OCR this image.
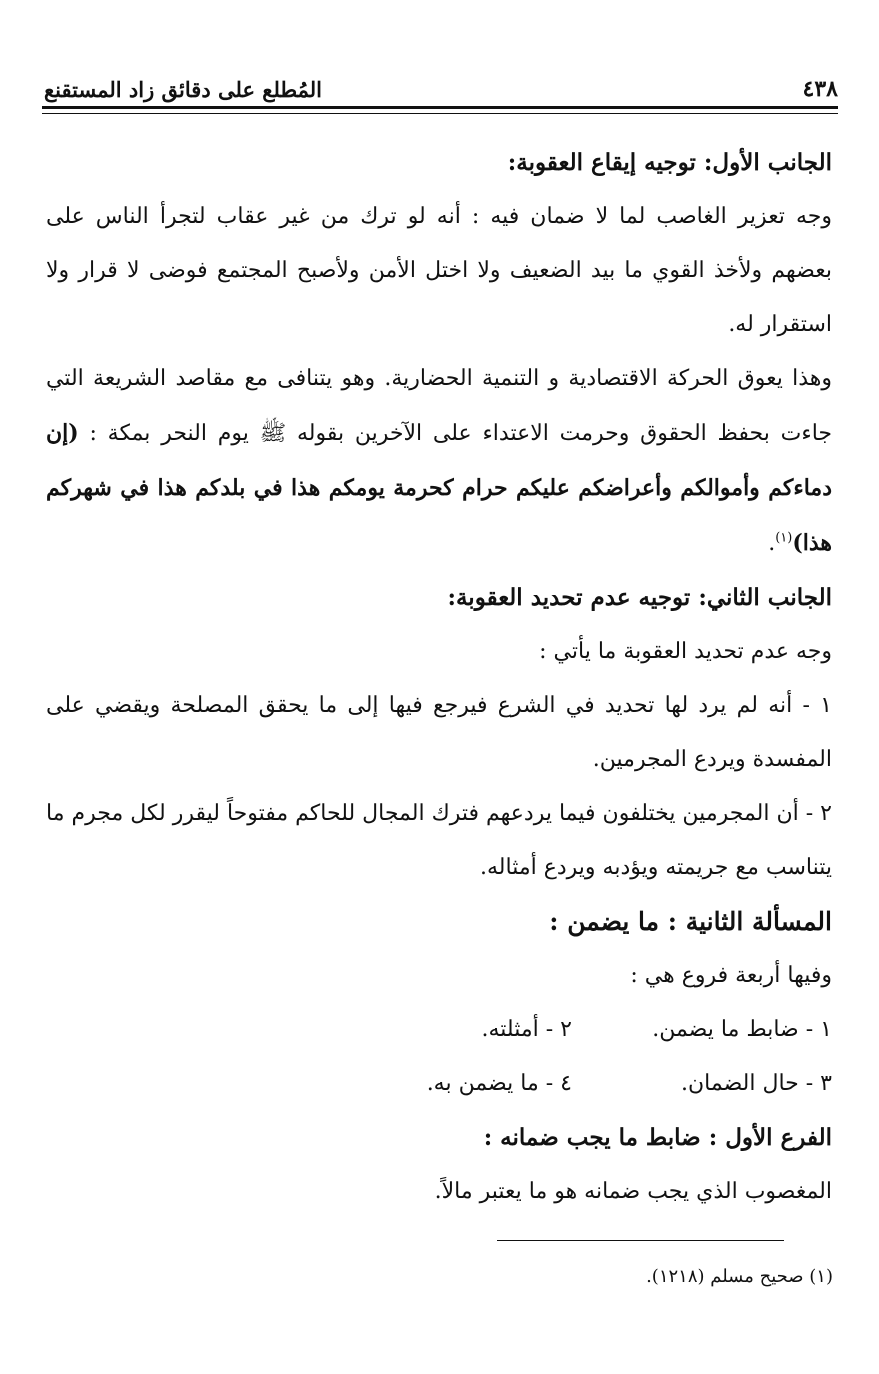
٤٣٨
المُطلع على دقائق زاد المستقنع

الجانب الأول: توجيه إيقاع العقوبة:

وجه تعزير الغاصب لما لا ضمان فيه : أنه لو ترك من غير عقاب لتجرأ الناس على بعضهم ولأخذ القوي ما بيد الضعيف ولا اختل الأمن ولأصبح المجتمع فوضى لا قرار ولا استقرار له.

وهذا يعوق الحركة الاقتصادية و التنمية الحضارية. وهو يتنافى مع مقاصد الشريعة التي جاءت بحفظ الحقوق وحرمت الاعتداء على الآخرين بقوله ﷺ يوم النحر بمكة : (إن دماءكم وأموالكم وأعراضكم عليكم حرام كحرمة يومكم هذا في بلدكم هذا في شهركم هذا)$^{(١)}$.

الجانب الثاني: توجيه عدم تحديد العقوبة:

وجه عدم تحديد العقوبة ما يأتي :

١ - أنه لم يرد لها تحديد في الشرع فيرجع فيها إلى ما يحقق المصلحة ويقضي على المفسدة ويردع المجرمين.

٢ - أن المجرمين يختلفون فيما يردعهم فترك المجال للحاكم مفتوحاً ليقرر لكل مجرم ما يتناسب مع جريمته ويؤدبه ويردع أمثاله.

المسألة الثانية : ما يضمن :

وفيها أربعة فروع هي :

١ - ضابط ما يضمن.
٢ - أمثلته.
٣ - حال الضمان.
٤ - ما يضمن به.

الفرع الأول : ضابط ما يجب ضمانه :

المغصوب الذي يجب ضمانه هو ما يعتبر مالاً.

(١) صحيح مسلم (١٢١٨).
